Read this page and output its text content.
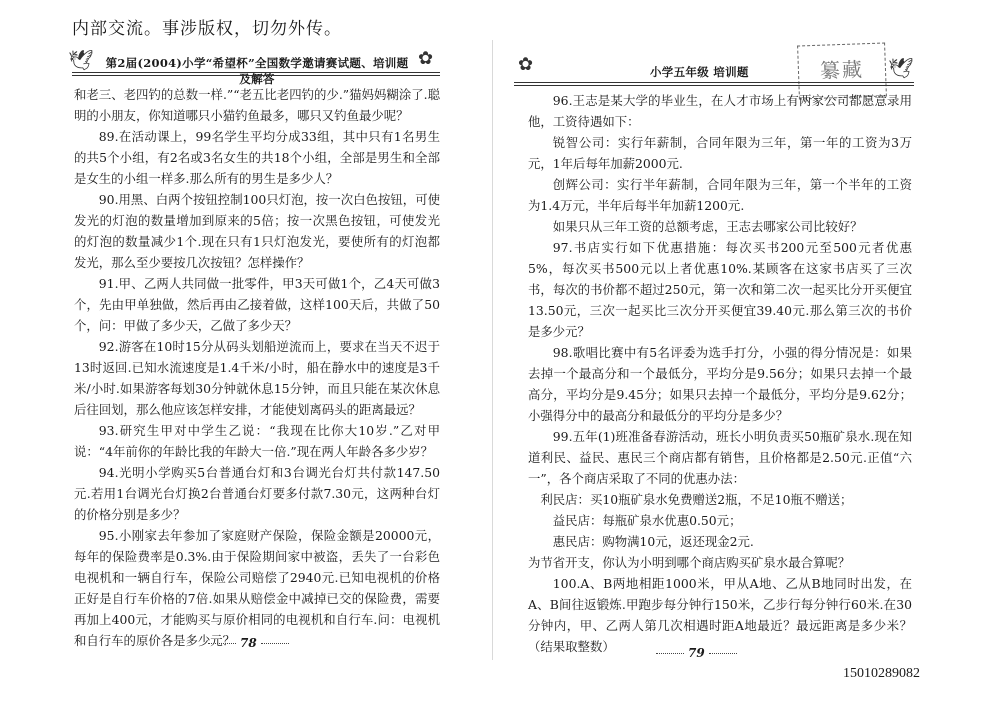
内部交流。事涉版权，切勿外传。
🕊	第2届(2004)小学“希望杯”全国数学邀请赛试题、培训题及解答
✿

和老三、老四钓的总数一样.”“老五比老四钓的少.”猫妈妈糊涂了.聪明的小朋友，你知道哪只小猫钓鱼最多，哪只又钓鱼最少呢？

89.在活动课上，99名学生平均分成33组，其中只有1名男生的共5个小组，有2名或3名女生的共18个小组，全部是男生和全部是女生的小组一样多.那么所有的男生是多少人？

90.用黑、白两个按钮控制100只灯泡，按一次白色按钮，可使发光的灯泡的数量增加到原来的5倍；按一次黑色按钮，可使发光的灯泡的数量减少1个.现在只有1只灯泡发光，要使所有的灯泡都发光，那么至少要按几次按钮？怎样操作？

91.甲、乙两人共同做一批零件，甲3天可做1个，乙4天可做3个，先由甲单独做，然后再由乙接着做，这样100天后，共做了50个，问：甲做了多少天，乙做了多少天？

92.游客在10时15分从码头划船逆流而上，要求在当天不迟于13时返回.已知水流速度是1.4千米/小时，船在静水中的速度是3千米/小时.如果游客每划30分钟就休息15分钟，而且只能在某次休息后往回划，那么他应该怎样安排，才能使划离码头的距离最远？

93.研究生甲对中学生乙说：“我现在比你大10岁.”乙对甲说：“4年前你的年龄比我的年龄大一倍.”现在两人年龄各多少岁？

94.光明小学购买5台普通台灯和3台调光台灯共付款147.50元.若用1台调光台灯换2台普通台灯要多付款7.30元，这两种台灯的价格分别是多少？

95.小刚家去年参加了家庭财产保险，保险金额是20000元，每年的保险费率是0.3%.由于保险期间家中被盗，丢失了一台彩色电视机和一辆自行车，保险公司赔偿了2940元.已知电视机的价格正好是自行车价格的7倍.如果从赔偿金中减掉已交的保险费，需要再加上400元，才能购买与原价相同的电视机和自行车.问：电视机和自行车的原价各是多少元？ 78
✿	小学五年级 培训题	纂藏	🕊

96.王志是某大学的毕业生，在人才市场上有两家公司都愿意录用他，工资待遇如下：

锐智公司：实行年薪制，合同年限为三年，第一年的工资为3万元，1年后每年加薪2000元.

创辉公司：实行半年薪制，合同年限为三年，第一个半年的工资为1.4万元，半年后每半年加薪1200元.

如果只从三年工资的总额考虑，王志去哪家公司比较好？

97.书店实行如下优惠措施：每次买书200元至500元者优惠5%，每次买书500元以上者优惠10%.某顾客在这家书店买了三次书，每次的书价都不超过250元，第一次和第二次一起买比分开买便宜13.50元，三次一起买比三次分开买便宜39.40元.那么第三次的书价是多少元？

98.歌唱比赛中有5名评委为选手打分，小强的得分情况是：如果去掉一个最高分和一个最低分，平均分是9.56分；如果只去掉一个最高分，平均分是9.45分；如果只去掉一个最低分，平均分是9.62分；小强得分中的最高分和最低分的平均分是多少？

99.五年(1)班准备春游活动，班长小明负责买50瓶矿泉水.现在知道利民、益民、惠民三个商店都有销售，且价格都是2.50元.正值“六一”，各个商店采取了不同的优惠办法：

利民店：买10瓶矿泉水免费赠送2瓶，不足10瓶不赠送；

益民店：每瓶矿泉水优惠0.50元；

惠民店：购物满10元，返还现金2元.

为节省开支，你认为小明到哪个商店购买矿泉水最合算呢？

100.A、B两地相距1000米，甲从A地、乙从B地同时出发，在A、B间往返锻炼.甲跑步每分钟行150米，乙步行每分钟行60米.在30分钟内，甲、乙两人第几次相遇时距A地最近？最远距离是多少米？（结果取整数）	79
15010289082
